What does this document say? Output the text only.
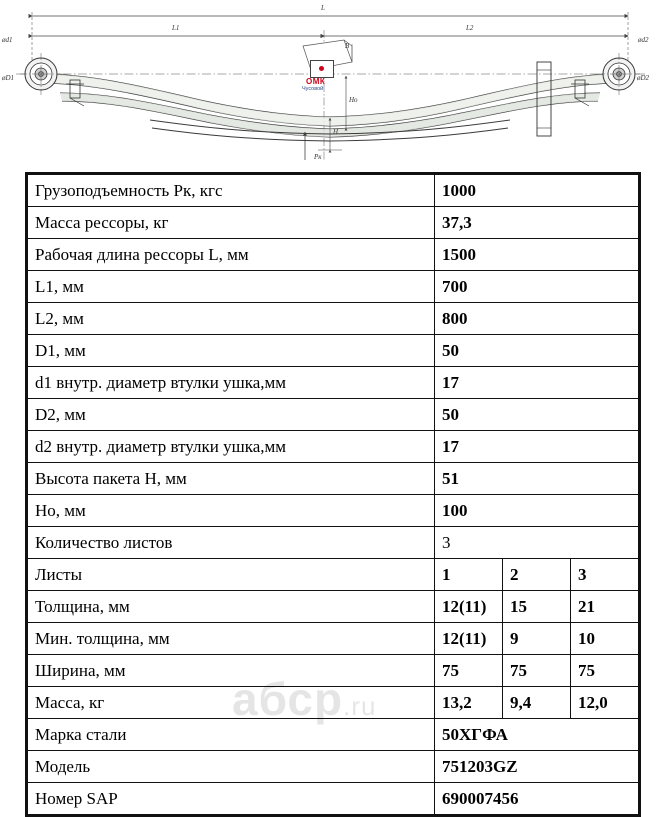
L
L1	L2
ød1
øD1
ød2
øD2
Рк
H
Hо
B
ОМК
Чусовой
Грузоподъемность Рк, кгс	1000		
Масса рессоры, кг	37,3		
Рабочая длина рессоры L, мм	1500		
L1, мм	700		
L2, мм	800		
D1, мм	50		
d1 внутр. диаметр втулки ушка,мм	17		
D2, мм	50		
d2 внутр. диаметр втулки ушка,мм	17		
Высота пакета Н, мм	51		
Но, мм	100		
Количество листов	3		
Листы	1	2	3
Толщина, мм	12(11)	15	21
Мин. толщина, мм	12(11)	9	10
Ширина, мм	75	75	75
Масса, кг	13,2	9,4	12,0
Марка стали	50ХГФА		
Модель	751203GZ		
Номер SAP	690007456		
абср.ru
